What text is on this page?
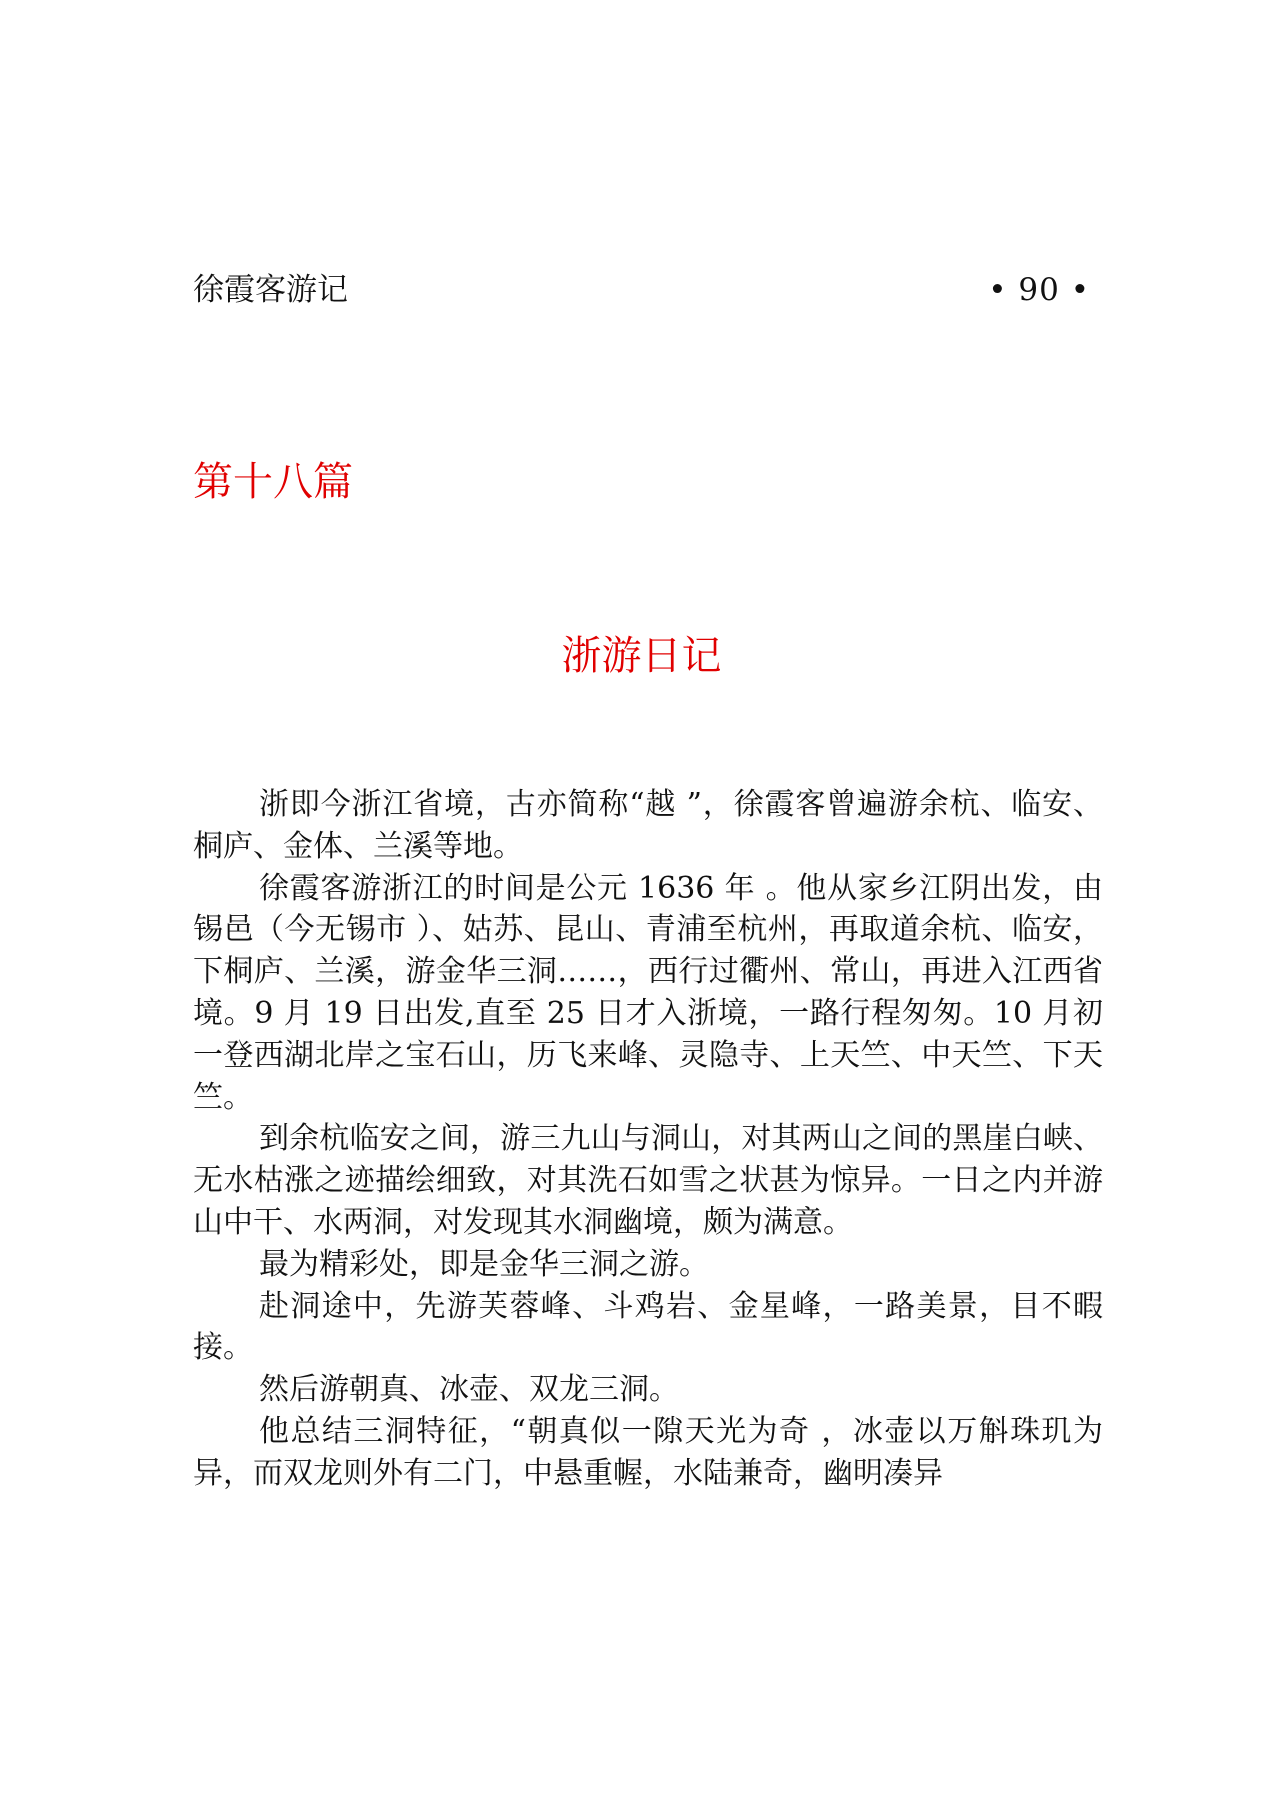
徐霞客游记	• 90 •
第十八篇
浙游日记

浙即今浙江省境，古亦简称“越 ”，徐霞客曾遍游余杭、临安、桐庐、金体、兰溪等地。

徐霞客游浙江的时间是公元 1636 年 。他从家乡江阴出发，由锡邑（今无锡市 ）、姑苏、昆山、青浦至杭州，再取道余杭、临安，下桐庐、兰溪，游金华三洞……，西行过衢州、常山，再进入江西省境。9 月 19 日出发,直至 25 日才入浙境，一路行程匆匆。10 月初一登西湖北岸之宝石山，历飞来峰、灵隐寺、上天竺、中天竺、下天竺。

到余杭临安之间，游三九山与洞山，对其两山之间的黑崖白峡、无水枯涨之迹描绘细致，对其洗石如雪之状甚为惊异。一日之内并游山中干、水两洞，对发现其水洞幽境，颇为满意。

最为精彩处，即是金华三洞之游。

赴洞途中，先游芙蓉峰、斗鸡岩、金星峰，一路美景，目不暇接。

然后游朝真、冰壶、双龙三洞。

他总结三洞特征，“朝真似一隙天光为奇 ，冰壶以万斛珠玑为异，而双龙则外有二门，中悬重幄，水陆兼奇，幽明凑异
